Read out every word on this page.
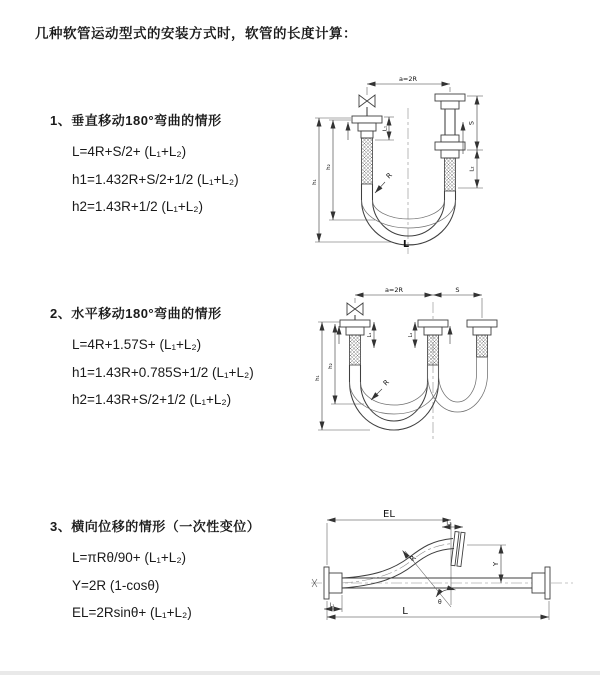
几种软管运动型式的安装方式时，软管的长度计算：
1、垂直移动180°弯曲的情形
L=4R+S/2+ (L₁+L₂)
h1=1.432R+S/2+1/2 (L₁+L₂)
h2=1.43R+1/2 (L₁+L₂)
2、水平移动180°弯曲的情形
L=4R+1.57S+ (L₁+L₂)
h1=1.43R+0.785S+1/2 (L₁+L₂)
h2=1.43R+S/2+1/2 (L₁+L₂)
3、横向位移的情形（一次性变位）
L=πRθ/90+ (L₁+L₂)
Y=2R (1-cosθ)
EL=2Rsinθ+ (L₁+L₂)
a=2R
L₁
S
L₂
h₂
h₁
R
L
a=2R	S
L₁	L₂
h₁
h₂
R
EL
L₂
Y
θ
R
L
L₁
